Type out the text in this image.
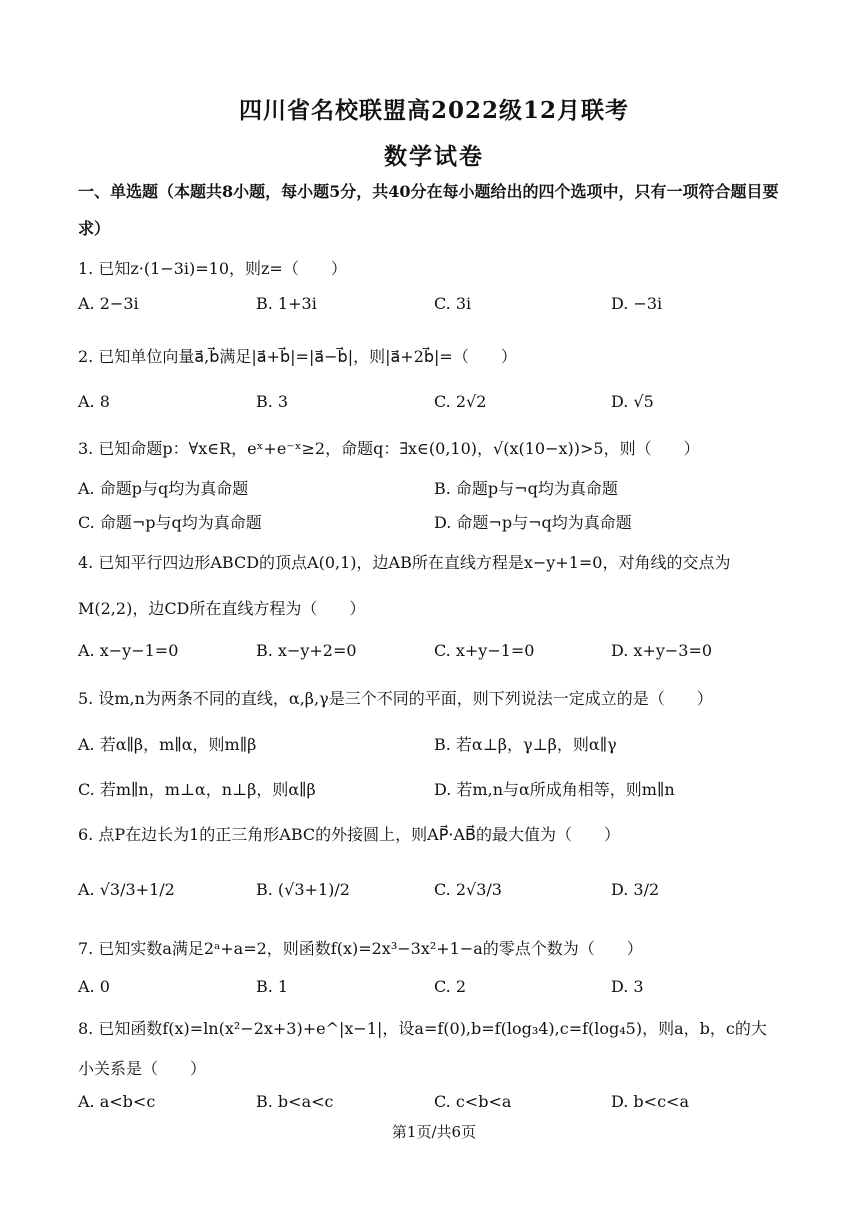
四川省名校联盟高2022级12月联考
数学试卷
一、单选题（本题共8小题，每小题5分，共40分在每小题给出的四个选项中，只有一项符合题目要求）
1. 已知z·(1−3i)=10，则z=（　　）
A. 2−3i	B. 1+3i	C. 3i	D. −3i
2. 已知单位向量a⃗,b⃗满足|a⃗+b⃗|=|a⃗−b⃗|，则|a⃗+2b⃗|=（　　）
A. 8	B. 3	C. 2√2	D. √5
3. 已知命题p：∀x∈R，eˣ+e⁻ˣ≥2，命题q：∃x∈(0,10)，√(x(10−x))>5，则（　　）
A. 命题p与q均为真命题	B. 命题p与¬q均为真命题
C. 命题¬p与q均为真命题	D. 命题¬p与¬q均为真命题
4. 已知平行四边形ABCD的顶点A(0,1)，边AB所在直线方程是x−y+1=0，对角线的交点为
M(2,2)，边CD所在直线方程为（　　）
A. x−y−1=0	B. x−y+2=0	C. x+y−1=0	D. x+y−3=0
5. 设m,n为两条不同的直线，α,β,γ是三个不同的平面，则下列说法一定成立的是（　　）
A. 若α∥β，m∥α，则m∥β	B. 若α⊥β，γ⊥β，则α∥γ
C. 若m∥n，m⊥α，n⊥β，则α∥β	D. 若m,n与α所成角相等，则m∥n
6. 点P在边长为1的正三角形ABC的外接圆上，则AP⃗·AB⃗的最大值为（　　）
A. √3/3+1/2	B. (√3+1)/2	C. 2√3/3	D. 3/2
7. 已知实数a满足2ᵃ+a=2，则函数f(x)=2x³−3x²+1−a的零点个数为（　　）
A. 0	B. 1	C. 2	D. 3
8. 已知函数f(x)=ln(x²−2x+3)+e^|x−1|，设a=f(0),b=f(log₃4),c=f(log₄5)，则a，b，c的大
小关系是（　　）
A. a<b<c	B. b<a<c	C. c<b<a	D. b<c<a
第1页/共6页
